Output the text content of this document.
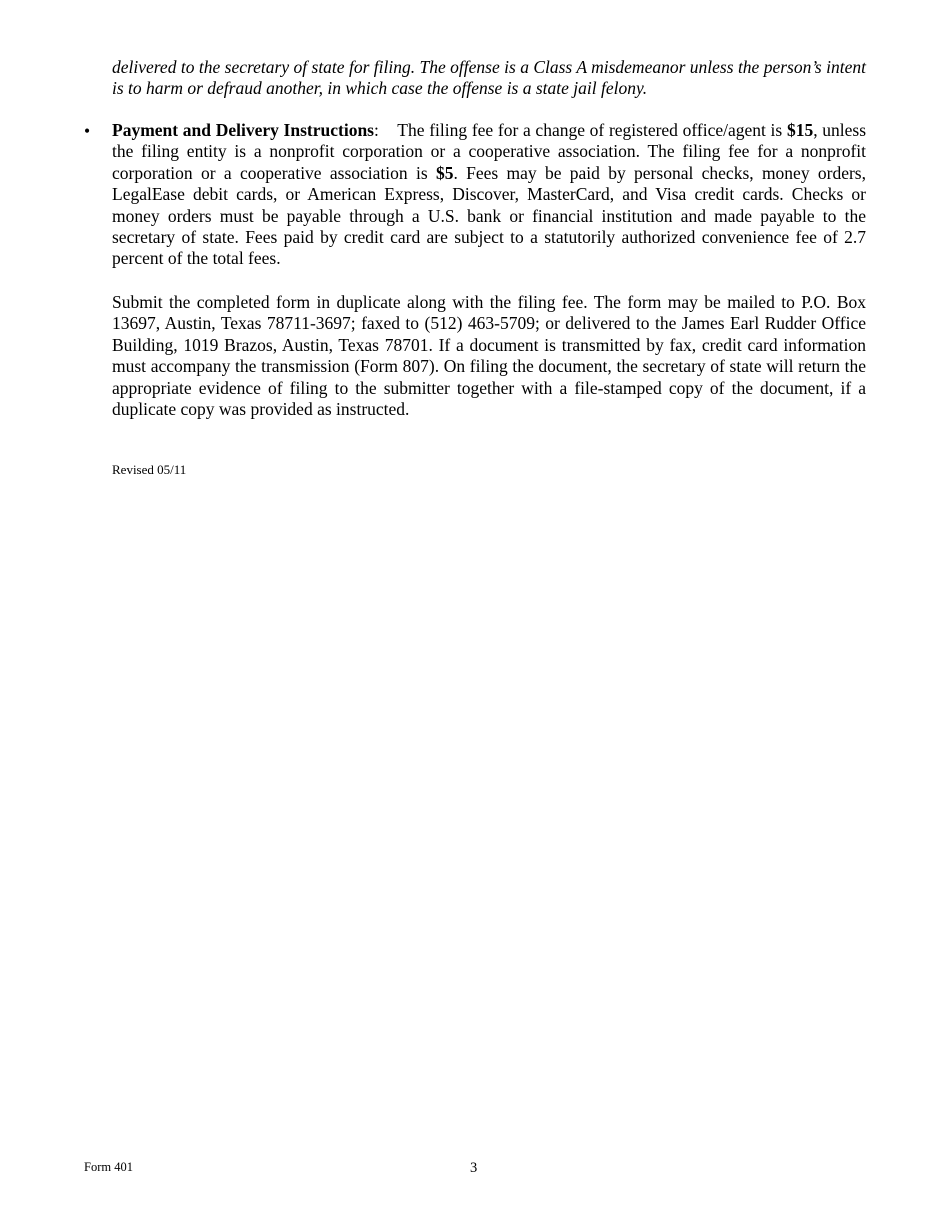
delivered to the secretary of state for filing. The offense is a Class A misdemeanor unless the person’s intent is to harm or defraud another, in which case the offense is a state jail felony.

• Payment and Delivery Instructions:    The filing fee for a change of registered office/agent is $15, unless the filing entity is a nonprofit corporation or a cooperative association. The filing fee for a nonprofit corporation or a cooperative association is $5. Fees may be paid by personal checks, money orders, LegalEase debit cards, or American Express, Discover, MasterCard, and Visa credit cards. Checks or money orders must be payable through a U.S. bank or financial institution and made payable to the secretary of state. Fees paid by credit card are subject to a statutorily authorized convenience fee of 2.7 percent of the total fees.

Submit the completed form in duplicate along with the filing fee. The form may be mailed to P.O. Box 13697, Austin, Texas 78711-3697; faxed to (512) 463-5709; or delivered to the James Earl Rudder Office Building, 1019 Brazos, Austin, Texas 78701. If a document is transmitted by fax, credit card information must accompany the transmission (Form 807). On filing the document, the secretary of state will return the appropriate evidence of filing to the submitter together with a file-stamped copy of the document, if a duplicate copy was provided as instructed.

Revised 05/11
Form 401	3
